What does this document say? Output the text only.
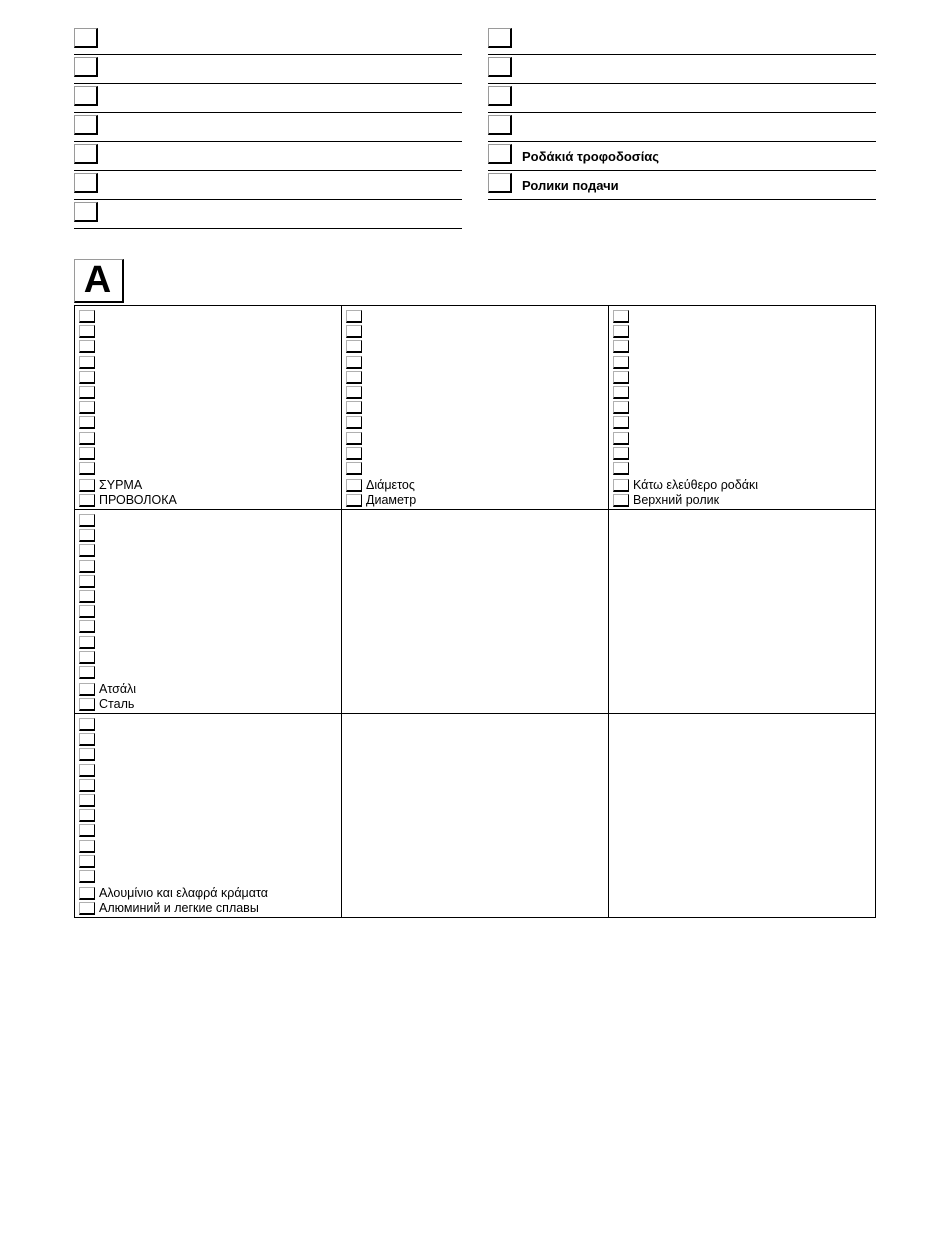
Ροδάκιά τροφοδοσίας
Ролики подачи
A
ΣΥΡΜΑ
ПРОВОЛОКА
Διάμετος
Диаметр
Κάτω ελεύθερο ροδάκι
Верхний ролик
Ατσάλι
Сталь
Αλουμίνιο και ελαφρά κράματα
Алюминий и легкие сплавы
